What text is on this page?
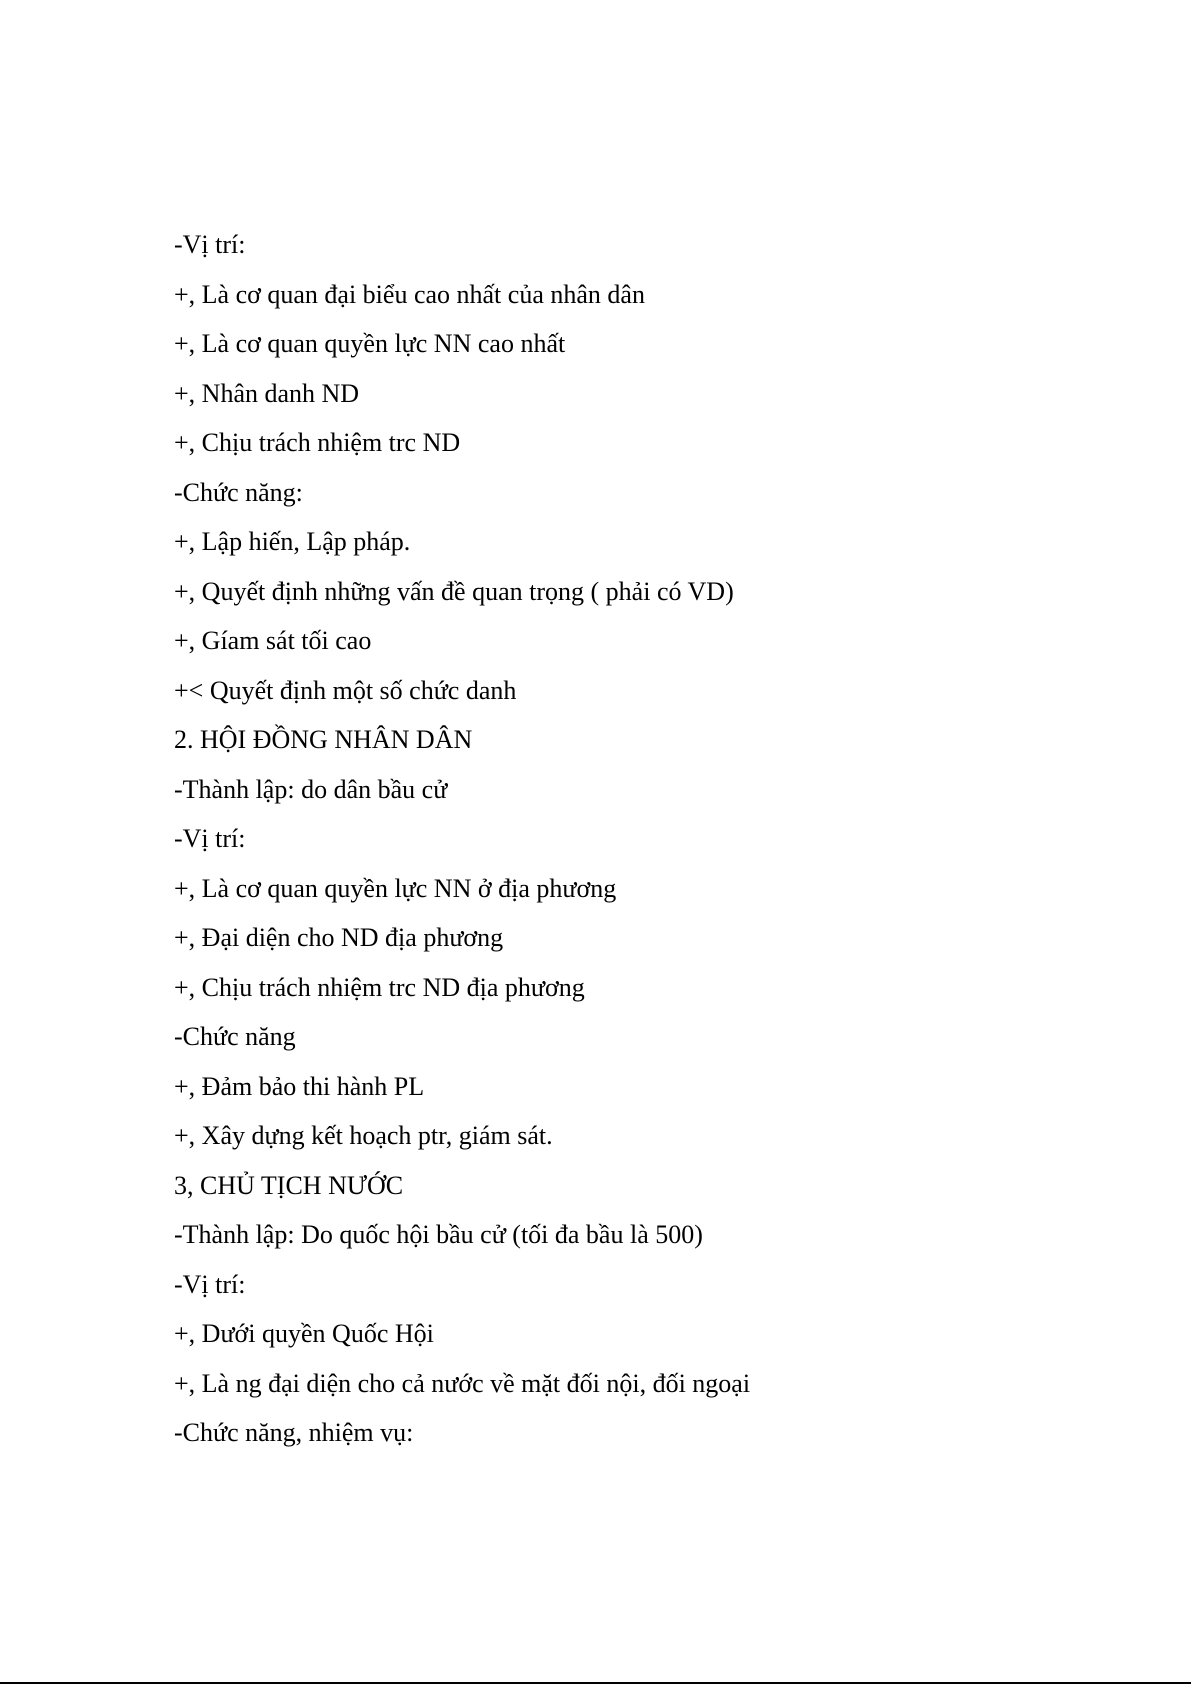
-Vị trí:
+, Là cơ quan đại biểu cao nhất của nhân dân
+, Là cơ quan quyền lực NN cao nhất
+, Nhân danh ND
+, Chịu trách nhiệm trc ND
-Chức năng:
+, Lập hiến, Lập pháp.
+, Quyết định những vấn đề quan trọng ( phải có VD)
+, Gíam sát tối cao
+< Quyết định một số chức danh
2. HỘI ĐỒNG NHÂN DÂN
-Thành lập: do dân bầu cử
-Vị trí:
+, Là cơ quan quyền lực NN ở địa phương
+, Đại diện cho ND địa phương
+, Chịu trách nhiệm trc ND địa phương
-Chức năng
+, Đảm bảo thi hành PL
+, Xây dựng kết hoạch ptr, giám sát.
3, CHỦ TỊCH NƯỚC
-Thành lập: Do quốc hội bầu cử (tối đa bầu là 500)
-Vị trí:
+, Dưới quyền Quốc Hội
+, Là ng đại diện cho cả nước về mặt đối nội, đối ngoại
-Chức năng, nhiệm vụ:
